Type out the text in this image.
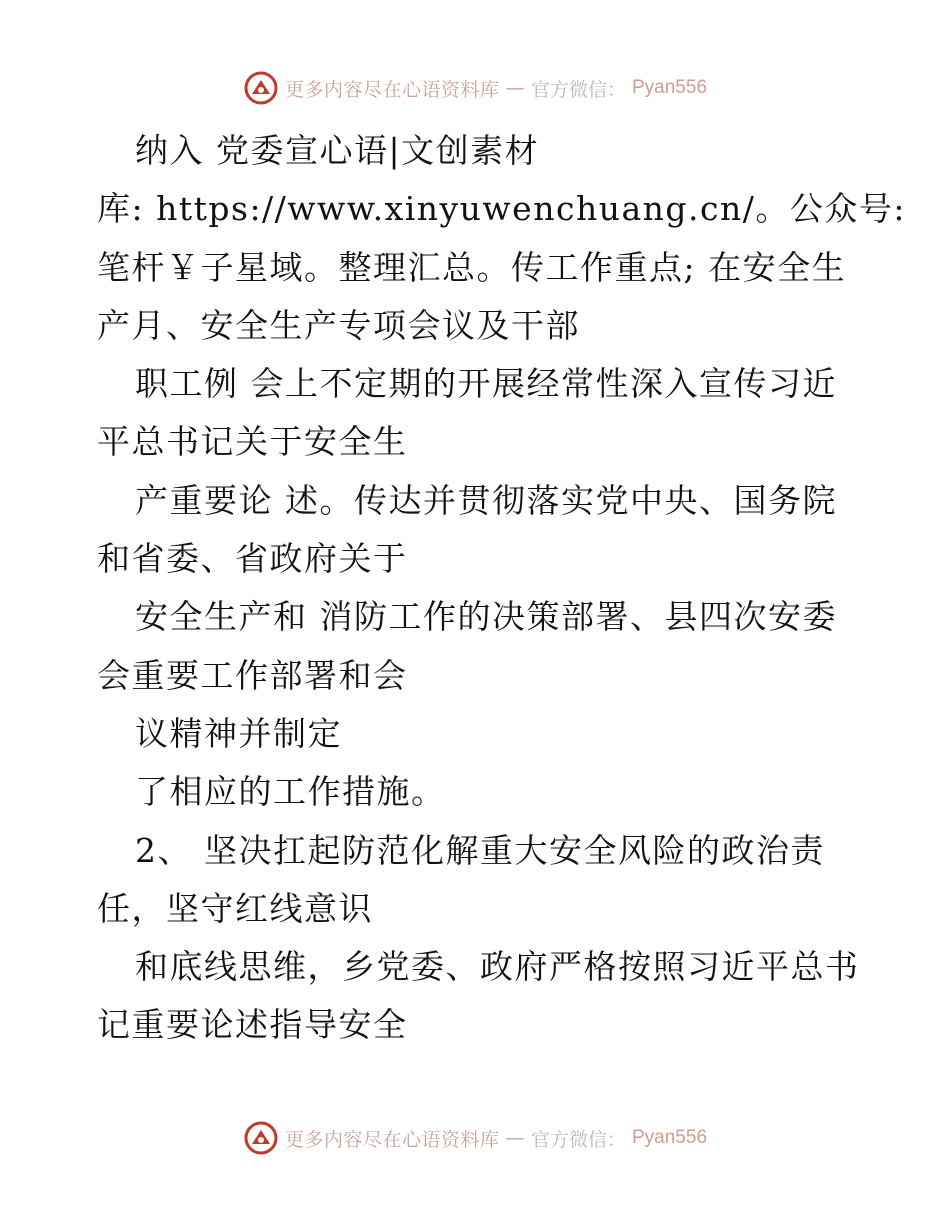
更多内容尽在心语资料库 — 官方微信： Pyan556
纳入 党委宣心语|文创素材
库: https://www.xinyuwenchuang.cn/。公众号:
笔杆￥子星域。整理汇总。传工作重点; 在安全生
产月、安全生产专项会议及干部
职工例 会上不定期的开展经常性深入宣传习近
平总书记关于安全生
产重要论 述。传达并贯彻落实党中央、国务院
和省委、省政府关于
安全生产和 消防工作的决策部署、县四次安委
会重要工作部署和会
议精神并制定
了相应的工作措施。
2、 坚决扛起防范化解重大安全风险的政治责
任，坚守红线意识
和底线思维，乡党委、政府严格按照习近平总书
记重要论述指导安全
更多内容尽在心语资料库 — 官方微信： Pyan556
